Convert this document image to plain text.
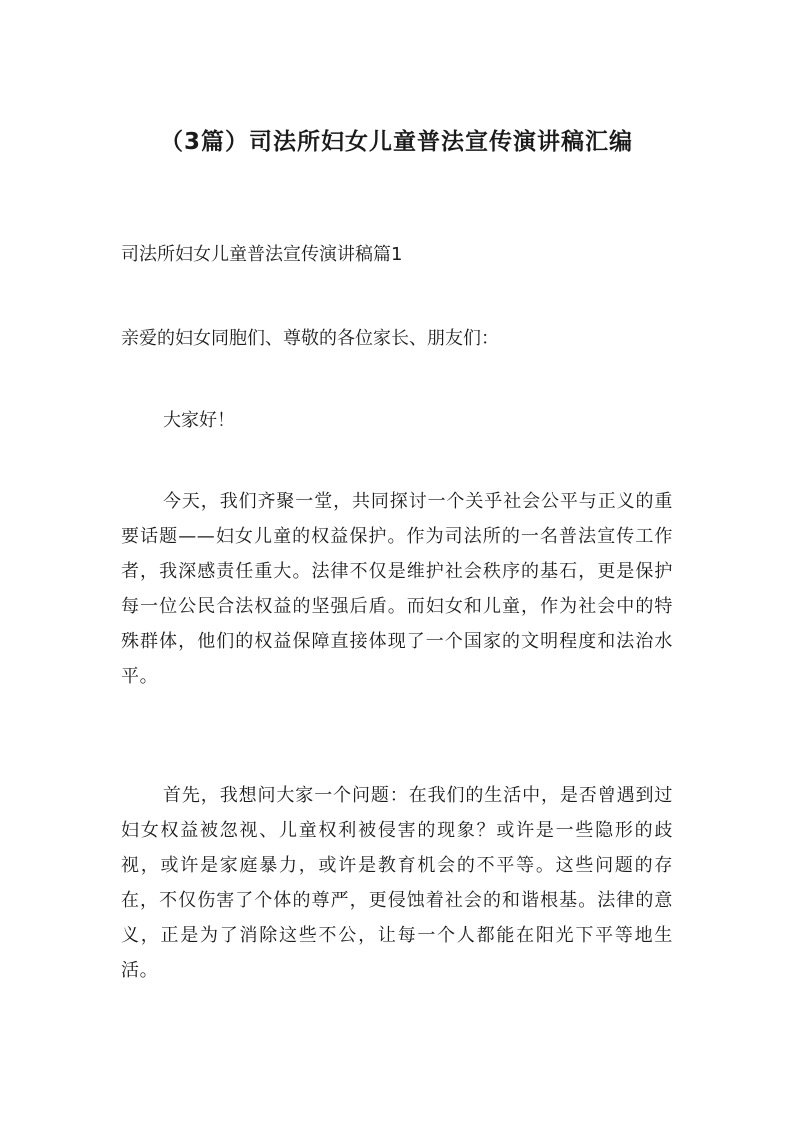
（3篇）司法所妇女儿童普法宣传演讲稿汇编

司法所妇女儿童普法宣传演讲稿篇1

亲爱的妇女同胞们、尊敬的各位家长、朋友们：

大家好！

今天，我们齐聚一堂，共同探讨一个关乎社会公平与正义的重要话题——妇女儿童的权益保护。作为司法所的一名普法宣传工作者，我深感责任重大。法律不仅是维护社会秩序的基石，更是保护每一位公民合法权益的坚强后盾。而妇女和儿童，作为社会中的特殊群体，他们的权益保障直接体现了一个国家的文明程度和法治水平。

首先，我想问大家一个问题：在我们的生活中，是否曾遇到过妇女权益被忽视、儿童权利被侵害的现象？或许是一些隐形的歧视，或许是家庭暴力，或许是教育机会的不平等。这些问题的存在，不仅伤害了个体的尊严，更侵蚀着社会的和谐根基。法律的意义，正是为了消除这些不公，让每一个人都能在阳光下平等地生活。
